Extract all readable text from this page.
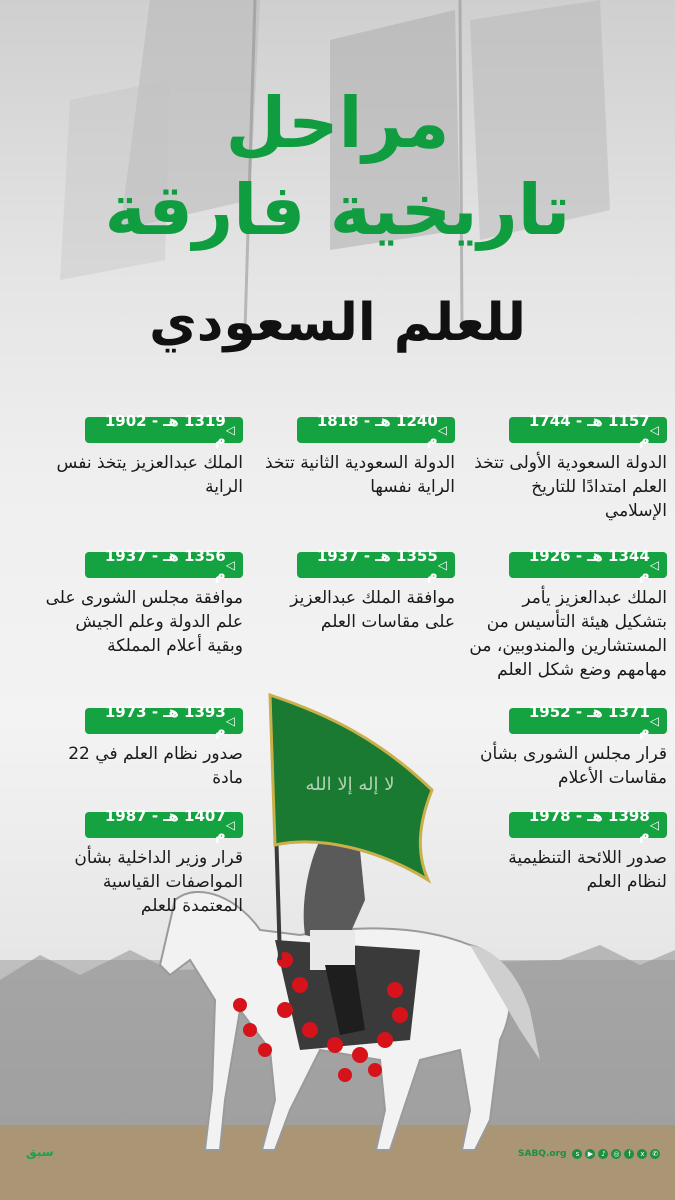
لا إله إلا الله
مراحل
تاريخية فارقة
للعلم السعودي
◁
1157 هـ - 1744 م
الدولة السعودية الأولى تتخذ العلم امتدادًا للتاريخ الإسلامي
◁
1240 هـ - 1818 م
الدولة السعودية الثانية تتخذ الراية نفسها
◁
1319 هـ - 1902 م
الملك عبدالعزيز يتخذ نفس الراية
◁
1344 هـ - 1926 م
الملك عبدالعزيز يأمر بتشكيل هيئة التأسيس من المستشارين والمندوبين، من مهامهم وضع شكل العلم
◁
1355 هـ - 1937 م
موافقة الملك عبدالعزيز على مقاسات العلم
◁
1356 هـ - 1937 م
موافقة مجلس الشورى على علم الدولة وعلم الجيش وبقية أعلام المملكة
◁
1371 هـ - 1952 م
قرار مجلس الشورى بشأن مقاسات الأعلام
◁
1393 هـ - 1973 م
صدور نظام العلم في 22 مادة
◁
1398 هـ - 1978 م
صدور اللائحة التنظيمية لنظام العلم
◁
1407 هـ - 1987 م
قرار وزير الداخلية بشأن المواصفات القياسية المعتمدة للعلم
سبق	SABQ.org	s	▶	♪	◎	f	x	✆
